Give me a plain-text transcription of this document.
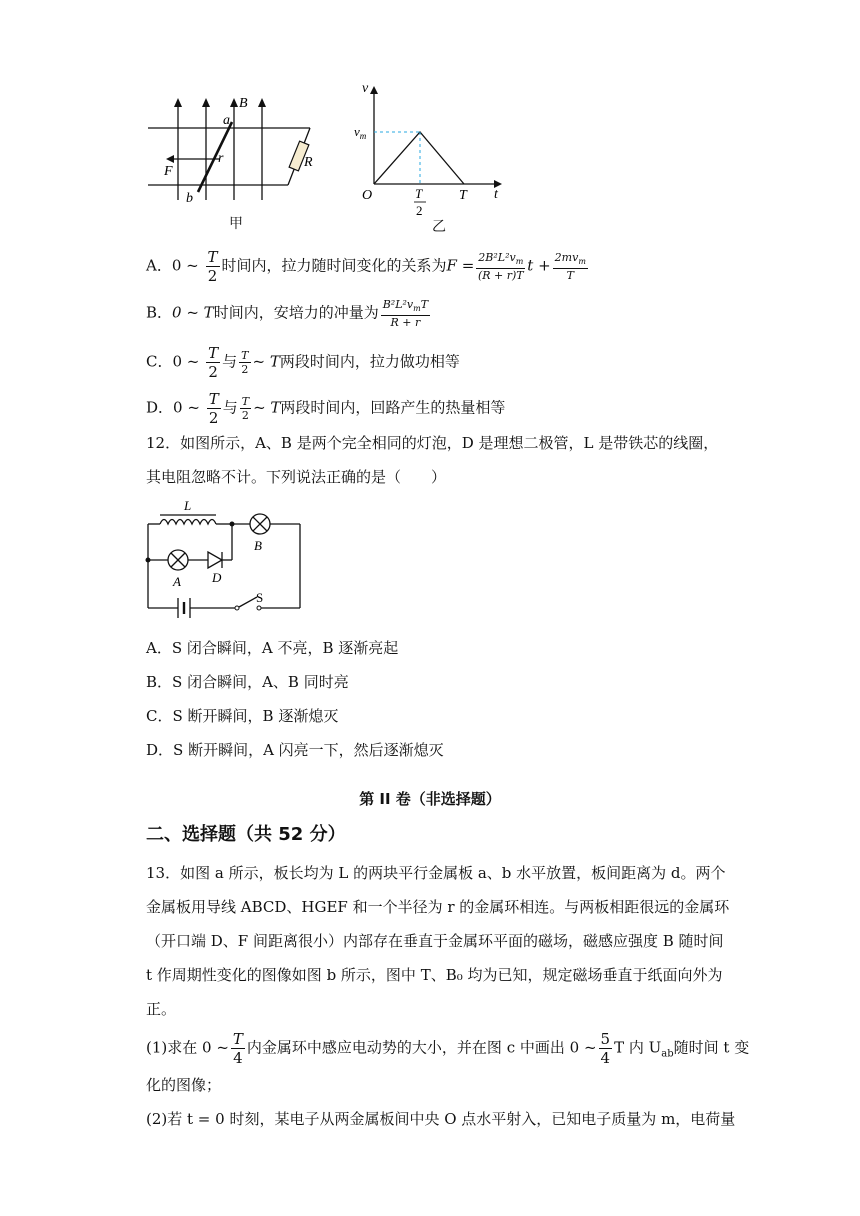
B
a
r
F
b
R
甲
v
$v_m$
O	T
2
T t
乙
A．0 ~ $\frac{T}{2}$ 时间内，拉力随时间变化的关系为$F = \frac{2B^2L^2v_m}{(R + r)T}$ $t + \frac{2mv_m}{T}$
B．0 ~ T时间内，安培力的冲量为 $\frac{B^2L^2v_mT}{R + r}$
C．0 ~ $\frac{T}{2}$ 与 $\frac{T}{2}$ ~ T两段时间内，拉力做功相等
D．0 ~ $\frac{T}{2}$ 与 $\frac{T}{2}$ ~ T两段时间内，回路产生的热量相等
12．如图所示，A、B 是两个完全相同的灯泡，D 是理想二极管，L 是带铁芯的线圈，
其电阻忽略不计。下列说法正确的是（　　）
L
B
A D
S
A．S 闭合瞬间，A 不亮，B 逐渐亮起
B．S 闭合瞬间，A、B 同时亮
C．S 断开瞬间，B 逐渐熄灭
D．S 断开瞬间，A 闪亮一下，然后逐渐熄灭
第 II 卷（非选择题）
二、选择题（共 52 分）
13．如图 a 所示，板长均为 L 的两块平行金属板 a、b 水平放置，板间距离为 d。两个
金属板用导线 ABCD、HGEF 和一个半径为 r 的金属环相连。与两板相距很远的金属环
（开口端 D、F 间距离很小）内部存在垂直于金属环平面的磁场，磁感应强度 B 随时间
t 作周期性变化的图像如图 b 所示，图中 T、B₀ 均为已知，规定磁场垂直于纸面向外为
正。
(1)求在 0 ~ $\frac{T}{4}$ 内金属环中感应电动势的大小，并在图 c 中画出 0 ~ $\frac{5}{4}$ T 内 $U_{ab}$随时间 t 变
化的图像；
(2)若 t = 0 时刻，某电子从两金属板间中央 O 点水平射入，已知电子质量为 m，电荷量
